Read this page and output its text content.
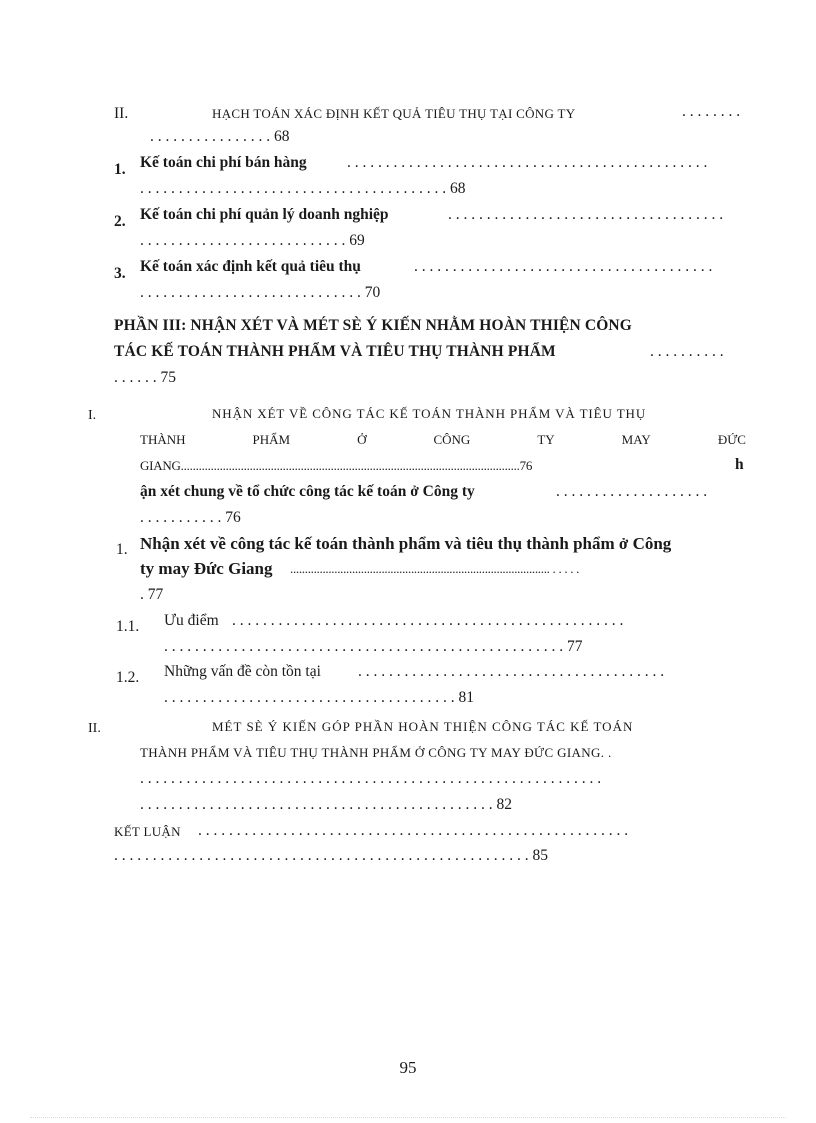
II.	HẠCH TOÁN XÁC ĐỊNH KẾT QUẢ TIÊU THỤ TẠI CÔNG TY	. . . . . . . .
. . . . . . . . . . . . . . . . 68
1. Kế toán chi phí bán hàng	. . . . . . . . . . . . . . . . . . . . . . . . . . . . . . . . . . . . . . . . . . . . . . .
. . . . . . . . . . . . . . . . . . . . . . . . . . . . . . . . . . . . . . . . 68
2. Kế toán chi phí quản lý doanh nghiệp	. . . . . . . . . . . . . . . . . . . . . . . . . . . . . . . . . . . .
. . . . . . . . . . . . . . . . . . . . . . . . . . . 69
3. Kế toán xác định kết quả tiêu thụ	. . . . . . . . . . . . . . . . . . . . . . . . . . . . . . . . . . . . . . .
. . . . . . . . . . . . . . . . . . . . . . . . . . . . . 70
PHẦN III: NHẬN XÉT VÀ MÉT SÈ Ý KIẾN NHẰM HOÀN THIỆN CÔNG
TÁC KẾ TOÁN THÀNH PHẨM VÀ TIÊU THỤ THÀNH PHẨM	. . . . . . . . . .
. . . . . . 75
I.	NHẬN XÉT VỀ CÔNG TÁC KẾ TOÁN THÀNH PHẨM VÀ TIÊU THỤ
THÀNH	PHẨM	Ở	CÔNG	TY	MAY	ĐỨC
GIANG.................................................................................................................76	h
ận xét chung về tổ chức công tác kế toán ở Công ty	. . . . . . . . . . . . . . . . . . . .
. . . . . . . . . . . 76
1. Nhận xét về công tác kế toán thành phẩm và tiêu thụ thành phẩm ở Công
ty may Đức Giang ........................................................................................ . . . . .
. 77
1.1. Ưu điểm . . . . . . . . . . . . . . . . . . . . . . . . . . . . . . . . . . . . . . . . . . . . . . . . . . .
. . . . . . . . . . . . . . . . . . . . . . . . . . . . . . . . . . . . . . . . . . . . . . . . . . . . 77
1.2. Những vấn đề còn tồn tại . . . . . . . . . . . . . . . . . . . . . . . . . . . . . . . . . . . . . . . .
. . . . . . . . . . . . . . . . . . . . . . . . . . . . . . . . . . . . . . 81
II.	MÉT SÈ Ý KIẾN GÓP PHẦN HOÀN THIỆN CÔNG TÁC KẾ TOÁN
THÀNH PHẨM VÀ TIÊU THỤ THÀNH PHẨM Ở CÔNG TY MAY ĐỨC GIANG. .
. . . . . . . . . . . . . . . . . . . . . . . . . . . . . . . . . . . . . . . . . . . . . . . . . . . . . . . . . . . .
. . . . . . . . . . . . . . . . . . . . . . . . . . . . . . . . . . . . . . . . . . . . . . 82
KẾT LUẬN . . . . . . . . . . . . . . . . . . . . . . . . . . . . . . . . . . . . . . . . . . . . . . . . . . . . . . . .
. . . . . . . . . . . . . . . . . . . . . . . . . . . . . . . . . . . . . . . . . . . . . . . . . . . . . . 85
95
